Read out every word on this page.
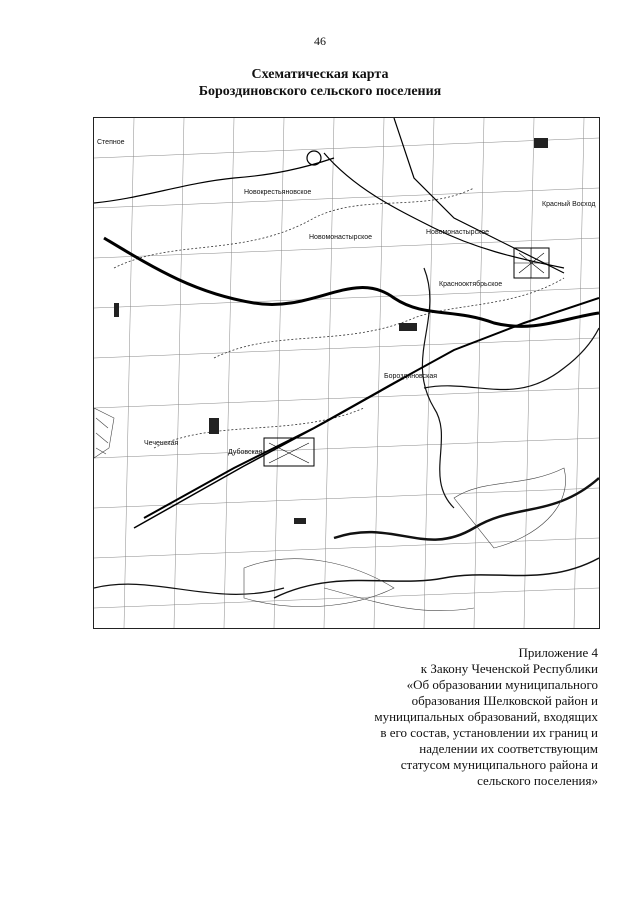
46
Схематическая карта
Бороздиновского сельского поселения
Степное
Новокрестьяновское
Новомонастырское
Новомонастырское
Красный Восход
Краснооктябрьское
Бороздиновская
Чеченская
Дубовская
Приложение 4
к Закону Чеченской Республики
«Об образовании муниципального
образования Шелковской район и
муниципальных образований, входящих
в его состав, установлении их границ и
наделении их соответствующим
статусом муниципального района и
сельского поселения»
